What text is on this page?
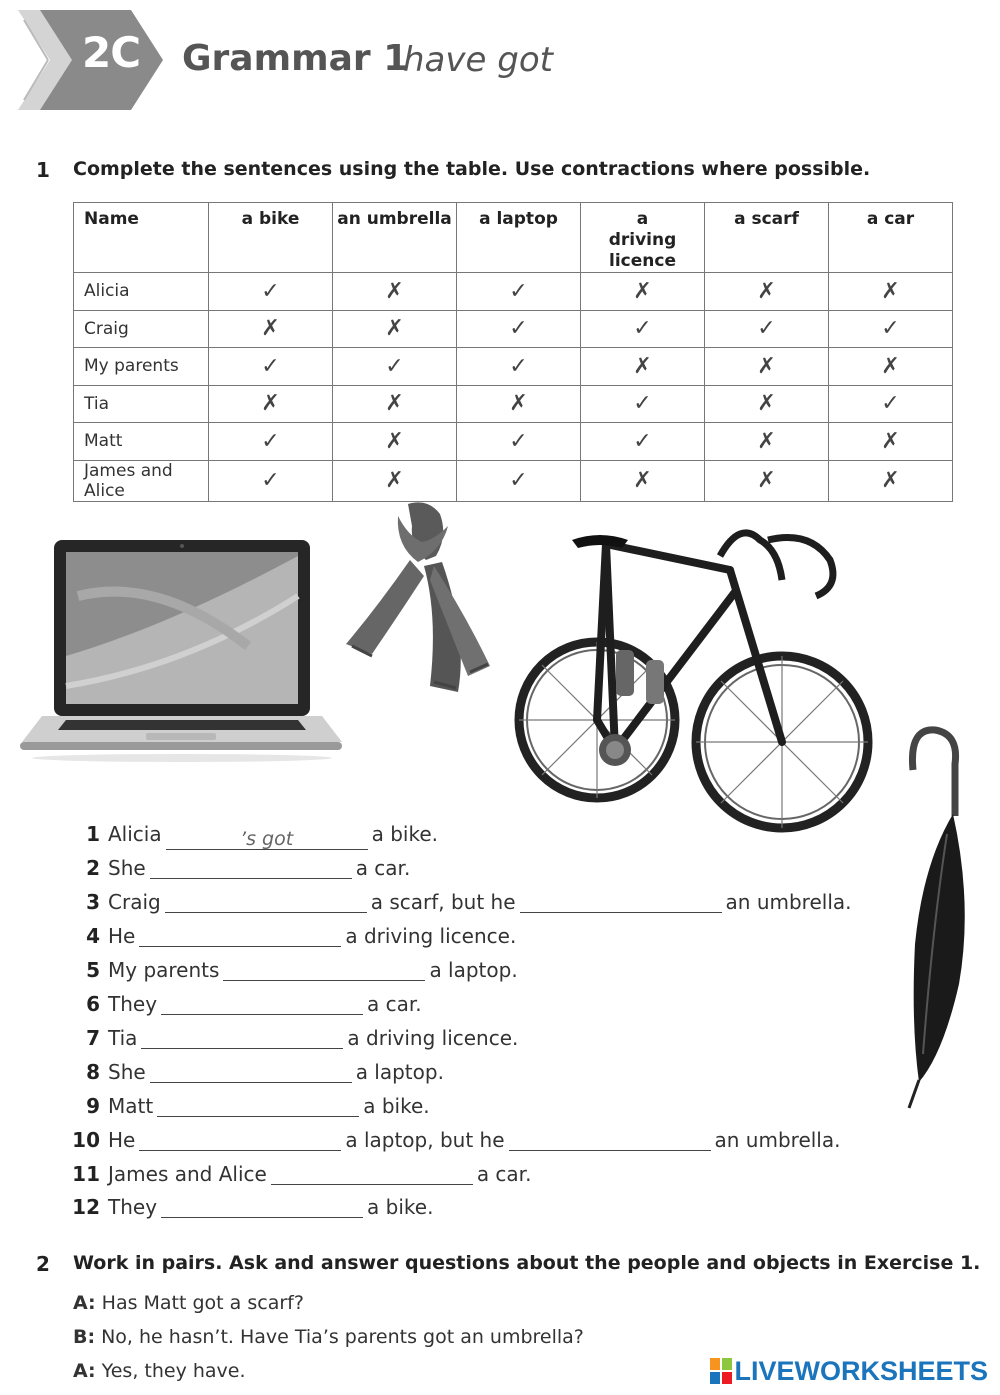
2C Grammar 1
have got
1 Complete the sentences using the table. Use contractions where possible.
Name	a bike	an umbrella	a laptop	a driving licence	a scarf	a car
Alicia	✓	✗	✓	✗	✗	✗
Craig	✗	✗	✓	✓	✓	✓
My parents	✓	✓	✓	✗	✗	✗
Tia	✗	✗	✗	✓	✗	✓
Matt	✓	✗	✓	✓	✗	✗
James and Alice	✓	✗	✓	✗	✗	✗
1 Alicia	’s got	a bike.
2 She	a car.
3 Craig	a scarf, but he	an umbrella.
4 He	a driving licence.
5 My parents	a laptop.
6 They	a car.
7 Tia	a driving licence.
8 She	a laptop.
9 Matt	a bike.
10 He	a laptop, but he	an umbrella.
11 James and Alice	a car.
12 They	a bike.
2 Work in pairs. Ask and answer questions about the people and objects in Exercise 1.
A: Has Matt got a scarf?
B: No, he hasn’t. Have Tia’s parents got an umbrella?
A: Yes, they have.	LIVEWORKSHEETS
